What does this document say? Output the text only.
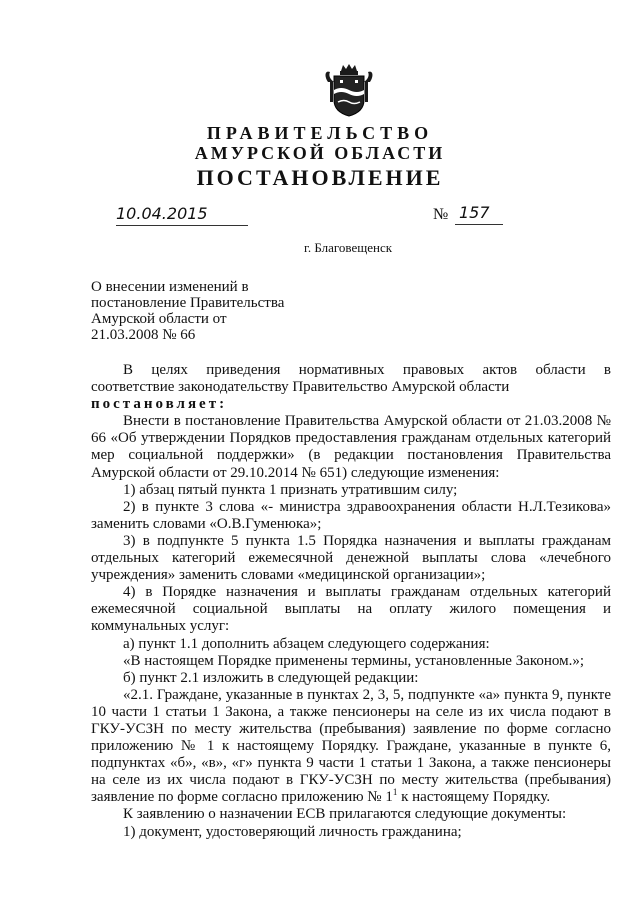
ПРАВИТЕЛЬСТВО
АМУРСКОЙ ОБЛАСТИ
ПОСТАНОВЛЕНИЕ
10.04.2015	№ 157
г. Благовещенск
О внесении изменений в
постановление Правительства
Амурской области от
21.03.2008 № 66

В целях приведения нормативных правовых актов области в

соответствие законодательству Правительство Амурской области

постановляет:

Внести в постановление Правительства Амурской области от 21.03.2008 № 66 «Об утверждении Порядков предоставления гражданам отдельных категорий мер социальной поддержки» (в редакции постановления Правительства Амурской области от 29.10.2014 № 651) следующие изменения:

1) абзац пятый пункта 1 признать утратившим силу;

2) в пункте 3 слова «- министра здравоохранения области Н.Л.Тезикова» заменить словами «О.В.Гуменюка»;

3) в подпункте 5 пункта 1.5 Порядка назначения и выплаты гражданам отдельных категорий ежемесячной денежной выплаты слова «лечебного учреждения» заменить словами «медицинской организации»;

4) в Порядке назначения и выплаты гражданам отдельных категорий ежемесячной социальной выплаты на оплату жилого помещения и коммунальных услуг:

а) пункт 1.1 дополнить абзацем следующего содержания:

«В настоящем Порядке применены термины, установленные Законом.»;

б) пункт 2.1 изложить в следующей редакции:

«2.1. Граждане, указанные в пунктах 2, 3, 5, подпункте «а» пункта 9, пункте 10 части 1 статьи 1 Закона, а также пенсионеры на селе из их числа подают в ГКУ-УСЗН по месту жительства (пребывания) заявление по форме согласно приложению № 1 к настоящему Порядку. Граждане, указанные в пункте 6, подпунктах «б», «в», «г» пункта 9 части 1 статьи 1 Закона, а также пенсионеры на селе из их числа подают в ГКУ-УСЗН по месту жительства (пребывания) заявление по форме согласно приложению № $1^1$ к настоящему Порядку.

К заявлению о назначении ЕСВ прилагаются следующие документы:

1) документ, удостоверяющий личность гражданина;
